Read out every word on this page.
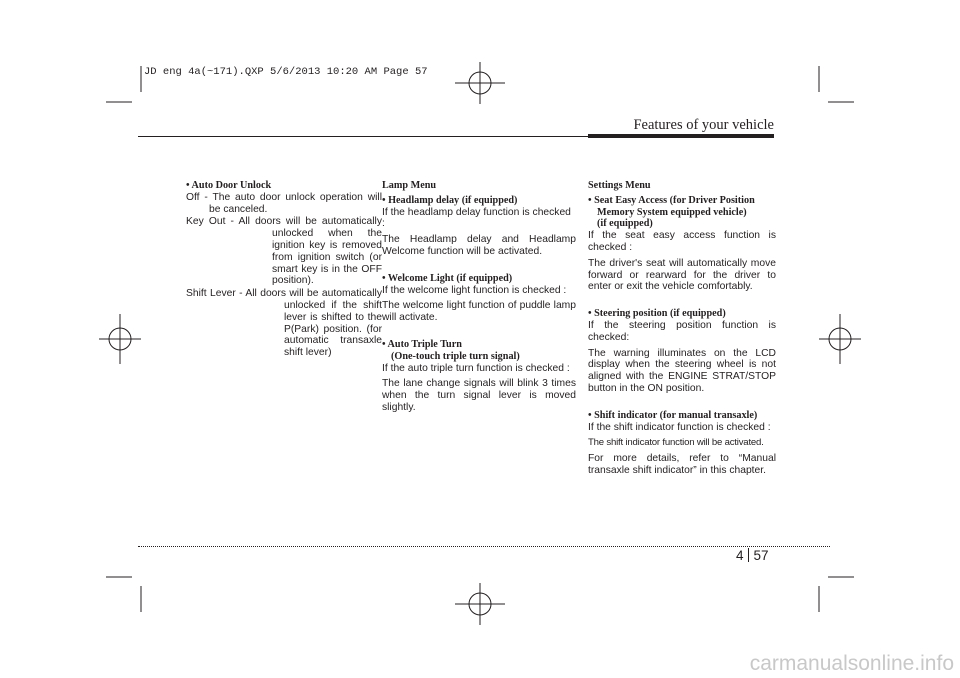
JD eng 4a(~171).QXP 5/6/2013 10:20 AM Page 57
Features of your vehicle
• Auto Door Unlock
Off - The auto door unlock operation will be canceled.
Key Out - All doors will be automatically unlocked when the ignition key is removed from ignition switch (or smart key is in the OFF position).
Shift Lever - All doors will be automatically unlocked if the shift lever is shifted to the P(Park) position. (for automatic transaxle shift lever)
Lamp Menu
• Headlamp delay (if equipped)

If the headlamp delay function is checked :

The Headlamp delay and Headlamp Welcome function will be activated.

• Welcome Light (if equipped)

If the welcome light function is checked :

The welcome light function of puddle lamp will activate.

• Auto Triple Turn
(One-touch triple turn signal)

If the auto triple turn function is checked :

The lane change signals will blink 3 times when the turn signal lever is moved slightly.

Settings Menu
• Seat Easy Access (for Driver Position
Memory System equipped vehicle)
(if equipped)

If the seat easy access function is checked :

The driver's seat will automatically move forward or rearward for the driver to enter or exit the vehicle comfortably.

• Steering position (if equipped)

If the steering position function is checked:

The warning illuminates on the LCD display when the steering wheel is not aligned with the ENGINE STRAT/STOP button in the ON position.

• Shift indicator (for manual transaxle)

If the shift indicator function is checked :

The shift indicator function will be activated.

For more details, refer to “Manual transaxle shift indicator” in this chapter.

4 57
carmanualsonline.info
